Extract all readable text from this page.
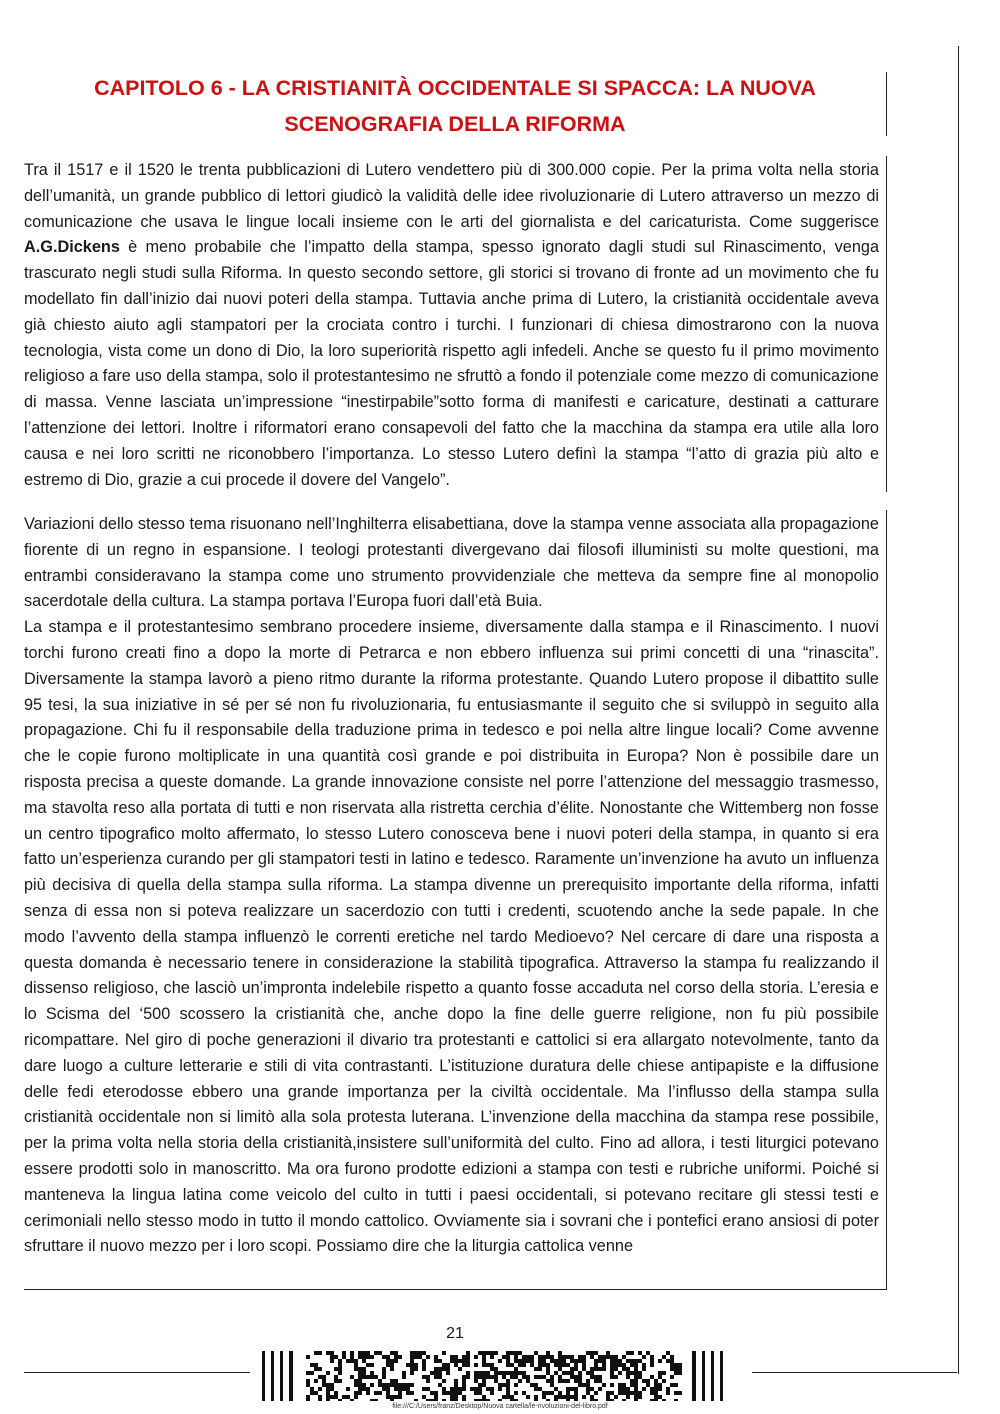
CAPITOLO 6 - LA CRISTIANITÀ OCCIDENTALE SI SPACCA: LA NUOVA SCENOGRAFIA DELLA RIFORMA

Tra il 1517 e il 1520 le trenta pubblicazioni di Lutero vendettero più di 300.000 copie. Per la prima volta nella storia dell’umanità, un grande pubblico di lettori giudicò la validità delle idee rivoluzionarie di Lutero attraverso un mezzo di comunicazione che usava le lingue locali insieme con le arti del giornalista e del caricaturista. Come suggerisce A.G.Dickens è meno probabile che l’impatto della stampa, spesso ignorato dagli studi sul Rinascimento, venga trascurato negli studi sulla Riforma. In questo secondo settore, gli storici si trovano di fronte ad un movimento che fu modellato fin dall’inizio dai nuovi poteri della stampa. Tuttavia anche prima di Lutero, la cristianità occidentale aveva già chiesto aiuto agli stampatori per la crociata contro i turchi. I funzionari di chiesa dimostrarono con la nuova tecnologia, vista come un dono di Dio, la loro superiorità rispetto agli infedeli. Anche se questo fu il primo movimento religioso a fare uso della stampa, solo il protestantesimo ne sfruttò a fondo il potenziale come mezzo di comunicazione di massa. Venne lasciata un’impressione “inestirpabile”sotto forma di manifesti e caricature, destinati a catturare l’attenzione dei lettori. Inoltre i riformatori erano consapevoli del fatto che la macchina da stampa era utile alla loro causa e nei loro scritti ne riconobbero l’importanza. Lo stesso Lutero definì la stampa “l’atto di grazia più alto e estremo di Dio, grazie a cui procede il dovere del Vangelo”.

Variazioni dello stesso tema risuonano nell’Inghilterra elisabettiana, dove la stampa venne associata alla propagazione fiorente di un regno in espansione. I teologi protestanti divergevano dai filosofi illuministi su molte questioni, ma entrambi consideravano la stampa come uno strumento provvidenziale che metteva da sempre fine al monopolio sacerdotale della cultura. La stampa portava l’Europa fuori dall’età Buia.

La stampa e il protestantesimo sembrano procedere insieme, diversamente dalla stampa e il Rinascimento. I nuovi torchi furono creati fino a dopo la morte di Petrarca e non ebbero influenza sui primi concetti di una “rinascita”. Diversamente la stampa lavorò a pieno ritmo durante la riforma protestante. Quando Lutero propose il dibattito sulle 95 tesi, la sua iniziative in sé per sé non fu rivoluzionaria, fu entusiasmante il seguito che si sviluppò in seguito alla propagazione. Chi fu il responsabile della traduzione prima in tedesco e poi nella altre lingue locali? Come avvenne che le copie furono moltiplicate in una quantità così grande e poi distribuita in Europa? Non è possibile dare un risposta precisa a queste domande. La grande innovazione consiste nel porre l’attenzione del messaggio trasmesso, ma stavolta reso alla portata di tutti e non riservata alla ristretta cerchia d’élite. Nonostante che Wittemberg non fosse un centro tipografico molto affermato, lo stesso Lutero conosceva bene i nuovi poteri della stampa, in quanto si era fatto un’esperienza curando per gli stampatori testi in latino e tedesco. Raramente un’invenzione ha avuto un influenza più decisiva di quella della stampa sulla riforma. La stampa divenne un prerequisito importante della riforma, infatti senza di essa non si poteva realizzare un sacerdozio con tutti i credenti, scuotendo anche la sede papale. In che modo l’avvento della stampa influenzò le correnti eretiche nel tardo Medioevo? Nel cercare di dare una risposta a questa domanda è necessario tenere in considerazione la stabilità tipografica. Attraverso la stampa fu realizzando il dissenso religioso, che lasciò un’impronta indelebile rispetto a quanto fosse accaduta nel corso della storia. L’eresia e lo Scisma del ‘500 scossero la cristianità che, anche dopo la fine delle guerre religione, non fu più possibile ricompattare. Nel giro di poche generazioni il divario tra protestanti e cattolici si era allargato notevolmente, tanto da dare luogo a culture letterarie e stili di vita contrastanti. L’istituzione duratura delle chiese antipapiste e la diffusione delle fedi eterodosse ebbero una grande importanza per la civiltà occidentale. Ma l’influsso della stampa sulla cristianità occidentale non si limitò alla sola protesta luterana. L’invenzione della macchina da stampa rese possibile, per la prima volta nella storia della cristianità,insistere sull’uniformità del culto. Fino ad allora, i testi liturgici potevano essere prodotti solo in manoscritto. Ma ora furono prodotte edizioni a stampa con testi e rubriche uniformi. Poiché si manteneva la lingua latina come veicolo del culto in tutti i paesi occidentali, si potevano recitare gli stessi testi e cerimoniali nello stesso modo in tutto il mondo cattolico. Ovviamente sia i sovrani che i pontefici erano ansiosi di poter sfruttare il nuovo mezzo per i loro scopi. Possiamo dire che la liturgia cattolica venne

21
file:///C:/Users/franz/Desktop/Nuova cartella/le-rivoluzioni-del-libro.pdf
